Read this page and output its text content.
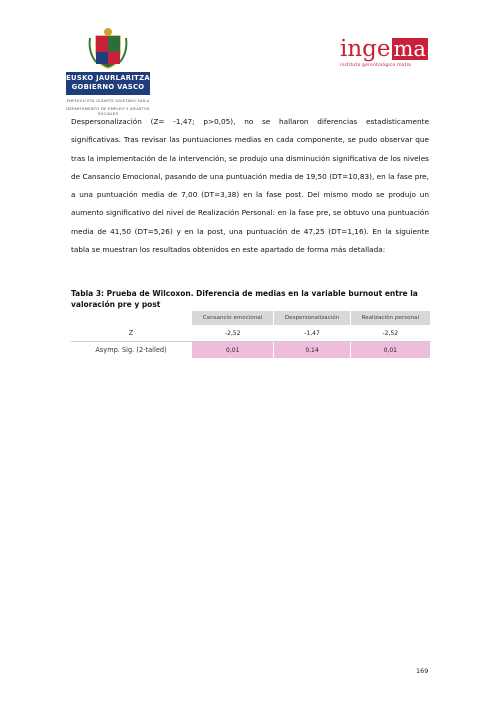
EUSKO JAURLARITZA
GOBIERNO VASCO
ENPLEGU ETA GIZARTE GAIETAKO SAILA
DEPARTAMENTO DE EMPLEO Y ASUNTOS SOCIALES
inge ma
instituto gerontológico matia
Despersonalización (Z= -1,47; p>0,05), no se hallaron diferencias estadísticamente significativas. Tras revisar las puntuaciones medias en cada componente, se pudo observar que tras la implementación de la intervención, se produjo una disminución significativa de los niveles de Cansancio Emocional, pasando de una puntuación media de 19,50 (DT=10,83), en la fase pre, a una puntuación media de 7,00 (DT=3,38) en la fase post. Del mismo modo se produjo un aumento significativo del nivel de Realización Personal: en la fase pre, se obtuvo una puntuación media de 41,50 (DT=5,26) y en la post, una puntuación de 47,25 (DT=1,16). En la siguiente tabla se muestran los resultados obtenidos en este apartado de forma más detallada:
Tabla 3: Prueba de Wilcoxon. Diferencia de medias en la variable burnout entre la valoración pre y post
	Cansancio emocional	Despersonalización	Realización personal
Z	-2,52	-1,47	-2,52
Asymp. Sig. (2-tailed)	0,01	0,14	0,01
169
